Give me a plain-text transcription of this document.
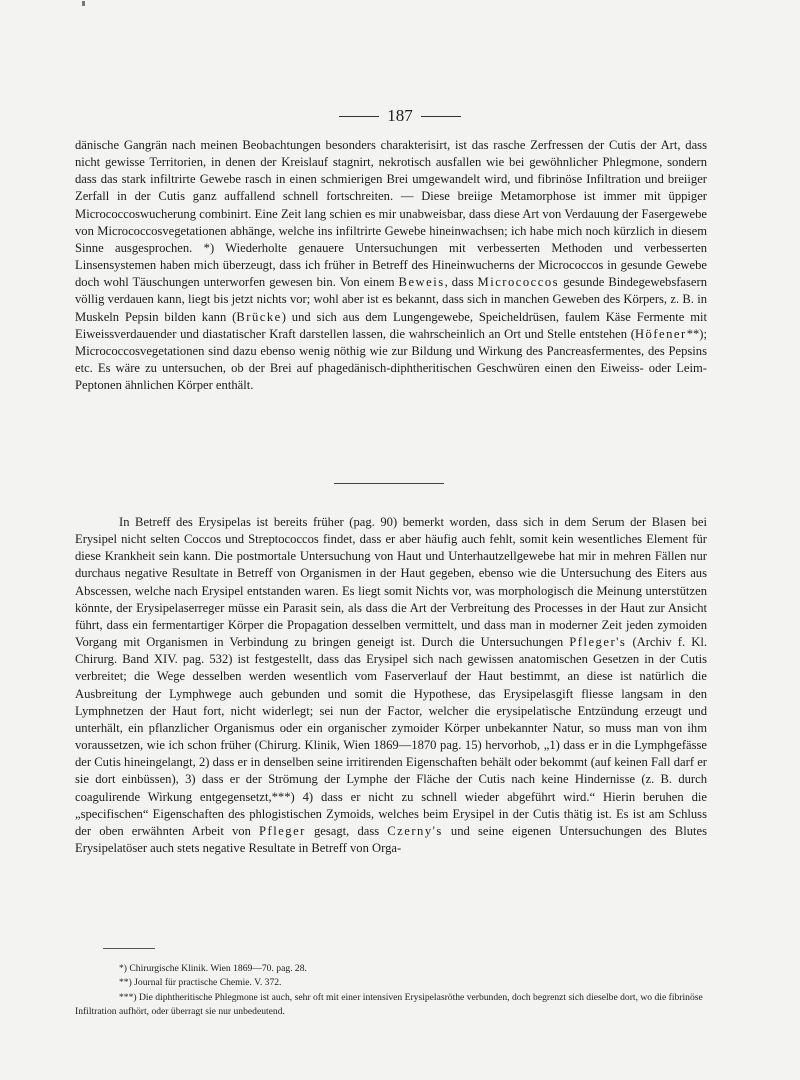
187
dänische Gangrän nach meinen Beobachtungen besonders charakterisirt, ist das rasche Zerfressen der Cutis der Art, dass nicht gewisse Territorien, in denen der Kreislauf stagnirt, nekrotisch ausfallen wie bei gewöhnlicher Phlegmone, sondern dass das stark infiltrirte Gewebe rasch in einen schmierigen Brei umgewandelt wird, und fibrinöse Infiltration und breiiger Zerfall in der Cutis ganz auffallend schnell fortschreiten. — Diese breiige Metamorphose ist immer mit üppiger Micrococcoswucherung combinirt. Eine Zeit lang schien es mir unabweisbar, dass diese Art von Verdauung der Fasergewebe von Micrococcosvegetationen abhänge, welche ins infiltrirte Gewebe hineinwachsen; ich habe mich noch kürzlich in diesem Sinne ausgesprochen. *) Wiederholte genauere Untersuchungen mit verbesserten Methoden und verbesserten Linsensystemen haben mich überzeugt, dass ich früher in Betreff des Hineinwucherns der Micrococcos in gesunde Gewebe doch wohl Täuschungen unterworfen gewesen bin. Von einem Beweis, dass Micrococcos gesunde Bindegewebsfasern völlig verdauen kann, liegt bis jetzt nichts vor; wohl aber ist es bekannt, dass sich in manchen Geweben des Körpers, z. B. in Muskeln Pepsin bilden kann (Brücke) und sich aus dem Lungengewebe, Speicheldrüsen, faulem Käse Fermente mit Eiweissverdauender und diastatischer Kraft darstellen lassen, die wahrscheinlich an Ort und Stelle entstehen (Höfener**); Micrococcosvegetationen sind dazu ebenso wenig nöthig wie zur Bildung und Wirkung des Pancreasfermentes, des Pepsins etc. Es wäre zu untersuchen, ob der Brei auf phagedänisch-diphtheritischen Geschwüren einen den Eiweiss- oder Leim-Peptonen ähnlichen Körper enthält.
In Betreff des Erysipelas ist bereits früher (pag. 90) bemerkt worden, dass sich in dem Serum der Blasen bei Erysipel nicht selten Coccos und Streptococcos findet, dass er aber häufig auch fehlt, somit kein wesentliches Element für diese Krankheit sein kann. Die postmortale Untersuchung von Haut und Unterhautzellgewebe hat mir in mehren Fällen nur durchaus negative Resultate in Betreff von Organismen in der Haut gegeben, ebenso wie die Untersuchung des Eiters aus Abscessen, welche nach Erysipel entstanden waren. Es liegt somit Nichts vor, was morphologisch die Meinung unterstützen könnte, der Erysipelaserreger müsse ein Parasit sein, als dass die Art der Verbreitung des Processes in der Haut zur Ansicht führt, dass ein fermentartiger Körper die Propagation desselben vermittelt, und dass man in moderner Zeit jeden zymoiden Vorgang mit Organismen in Verbindung zu bringen geneigt ist. Durch die Untersuchungen Pfleger's (Archiv f. Kl. Chirurg. Band XIV. pag. 532) ist festgestellt, dass das Erysipel sich nach gewissen anatomischen Gesetzen in der Cutis verbreitet; die Wege desselben werden wesentlich vom Faserverlauf der Haut bestimmt, an diese ist natürlich die Ausbreitung der Lymphwege auch gebunden und somit die Hypothese, das Erysipelasgift fliesse langsam in den Lymphnetzen der Haut fort, nicht widerlegt; sei nun der Factor, welcher die erysipelatische Entzündung erzeugt und unterhält, ein pflanzlicher Organismus oder ein organischer zymoider Körper unbekannter Natur, so muss man von ihm voraussetzen, wie ich schon früher (Chirurg. Klinik, Wien 1869—1870 pag. 15) hervorhob, „1) dass er in die Lymphgefässe der Cutis hineingelangt, 2) dass er in denselben seine irritirenden Eigenschaften behält oder bekommt (auf keinen Fall darf er sie dort einbüssen), 3) dass er der Strömung der Lymphe der Fläche der Cutis nach keine Hindernisse (z. B. durch coagulirende Wirkung entgegensetzt,***) 4) dass er nicht zu schnell wieder abgeführt wird.“ Hierin beruhen die „specifischen“ Eigenschaften des phlogistischen Zymoids, welches beim Erysipel in der Cutis thätig ist. Es ist am Schluss der oben erwähnten Arbeit von Pfleger gesagt, dass Czerny's und seine eigenen Untersuchungen des Blutes Erysipelatöser auch stets negative Resultate in Betreff von Orga-

*) Chirurgische Klinik. Wien 1869—70. pag. 28.

**) Journal für practische Chemie. V. 372.

***) Die diphtheritische Phlegmone ist auch, sehr oft mit einer intensiven Erysipelasröthe verbunden, doch begrenzt sich dieselbe dort, wo die fibrinöse Infiltration aufhört, oder überragt sie nur unbedeutend.
